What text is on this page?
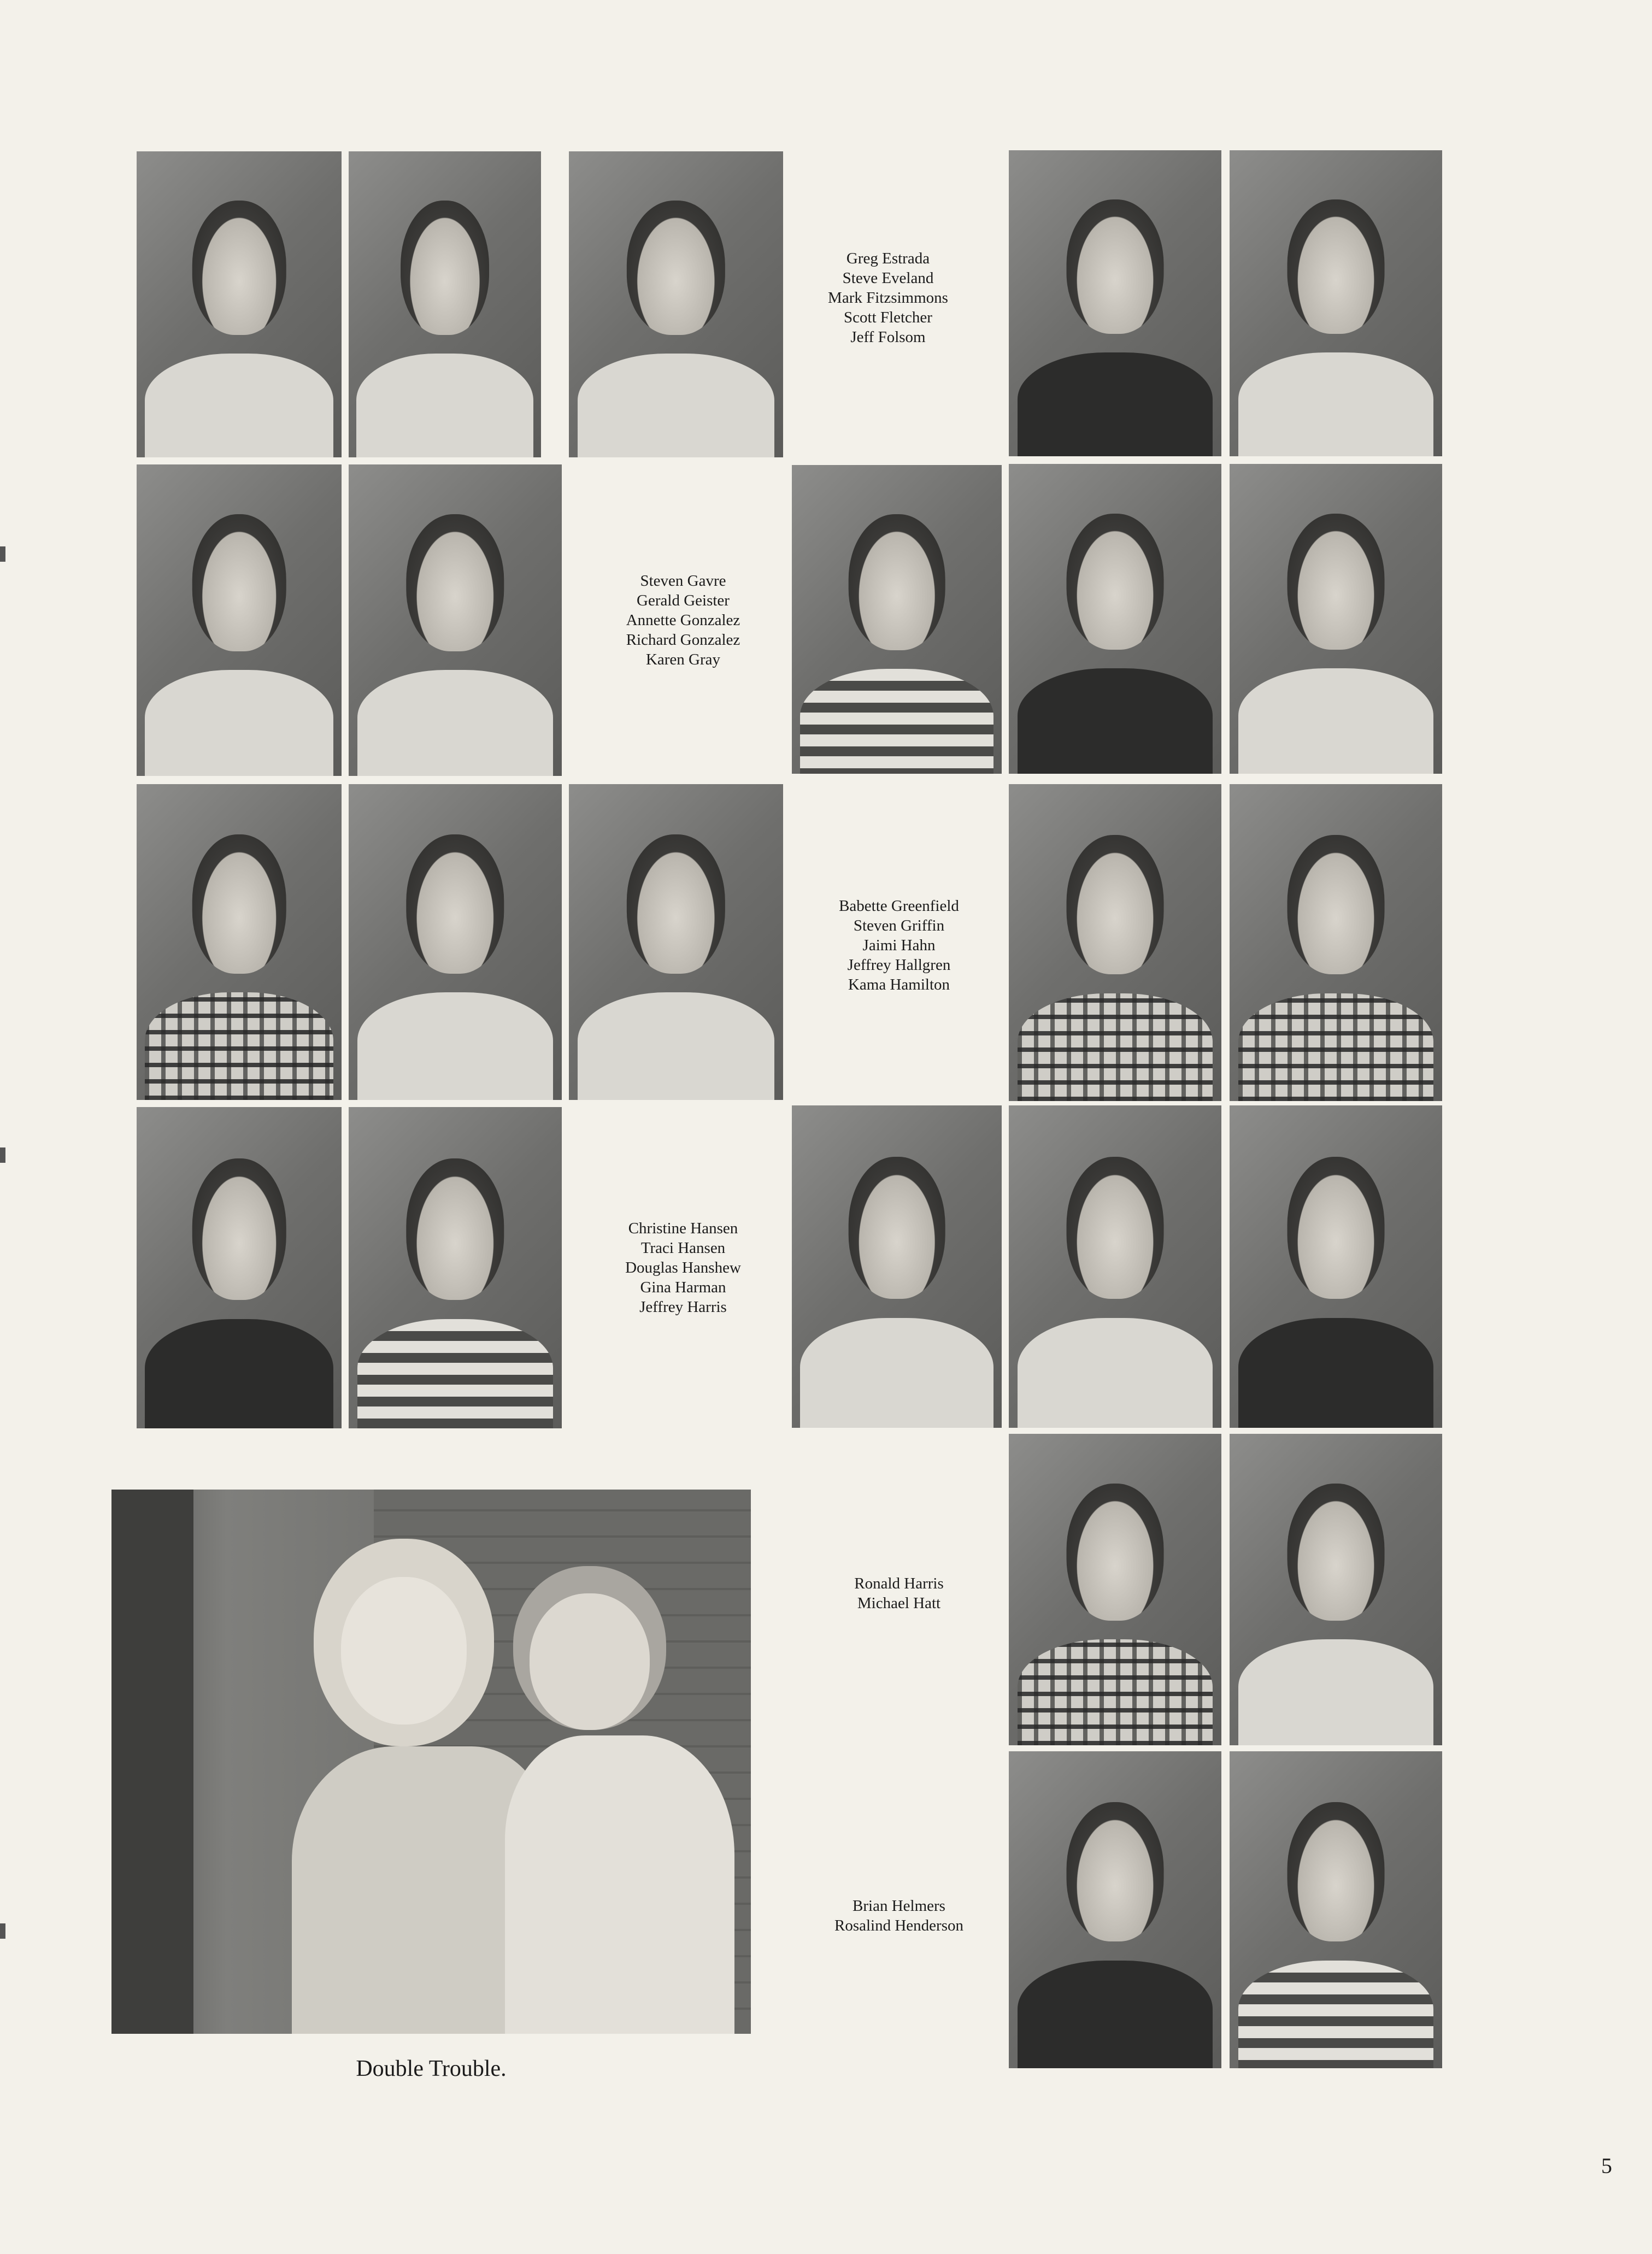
Greg Estrada
Steve Eveland
Mark Fitzsimmons
Scott Fletcher
Jeff Folsom
Steven Gavre
Gerald Geister
Annette Gonzalez
Richard Gonzalez
Karen Gray
Babette Greenfield
Steven Griffin
Jaimi Hahn
Jeffrey Hallgren
Kama Hamilton
Christine Hansen
Traci Hansen
Douglas Hanshew
Gina Harman
Jeffrey Harris
Ronald Harris
Michael Hatt
Brian Helmers
Rosalind Henderson
Double Trouble.
5
